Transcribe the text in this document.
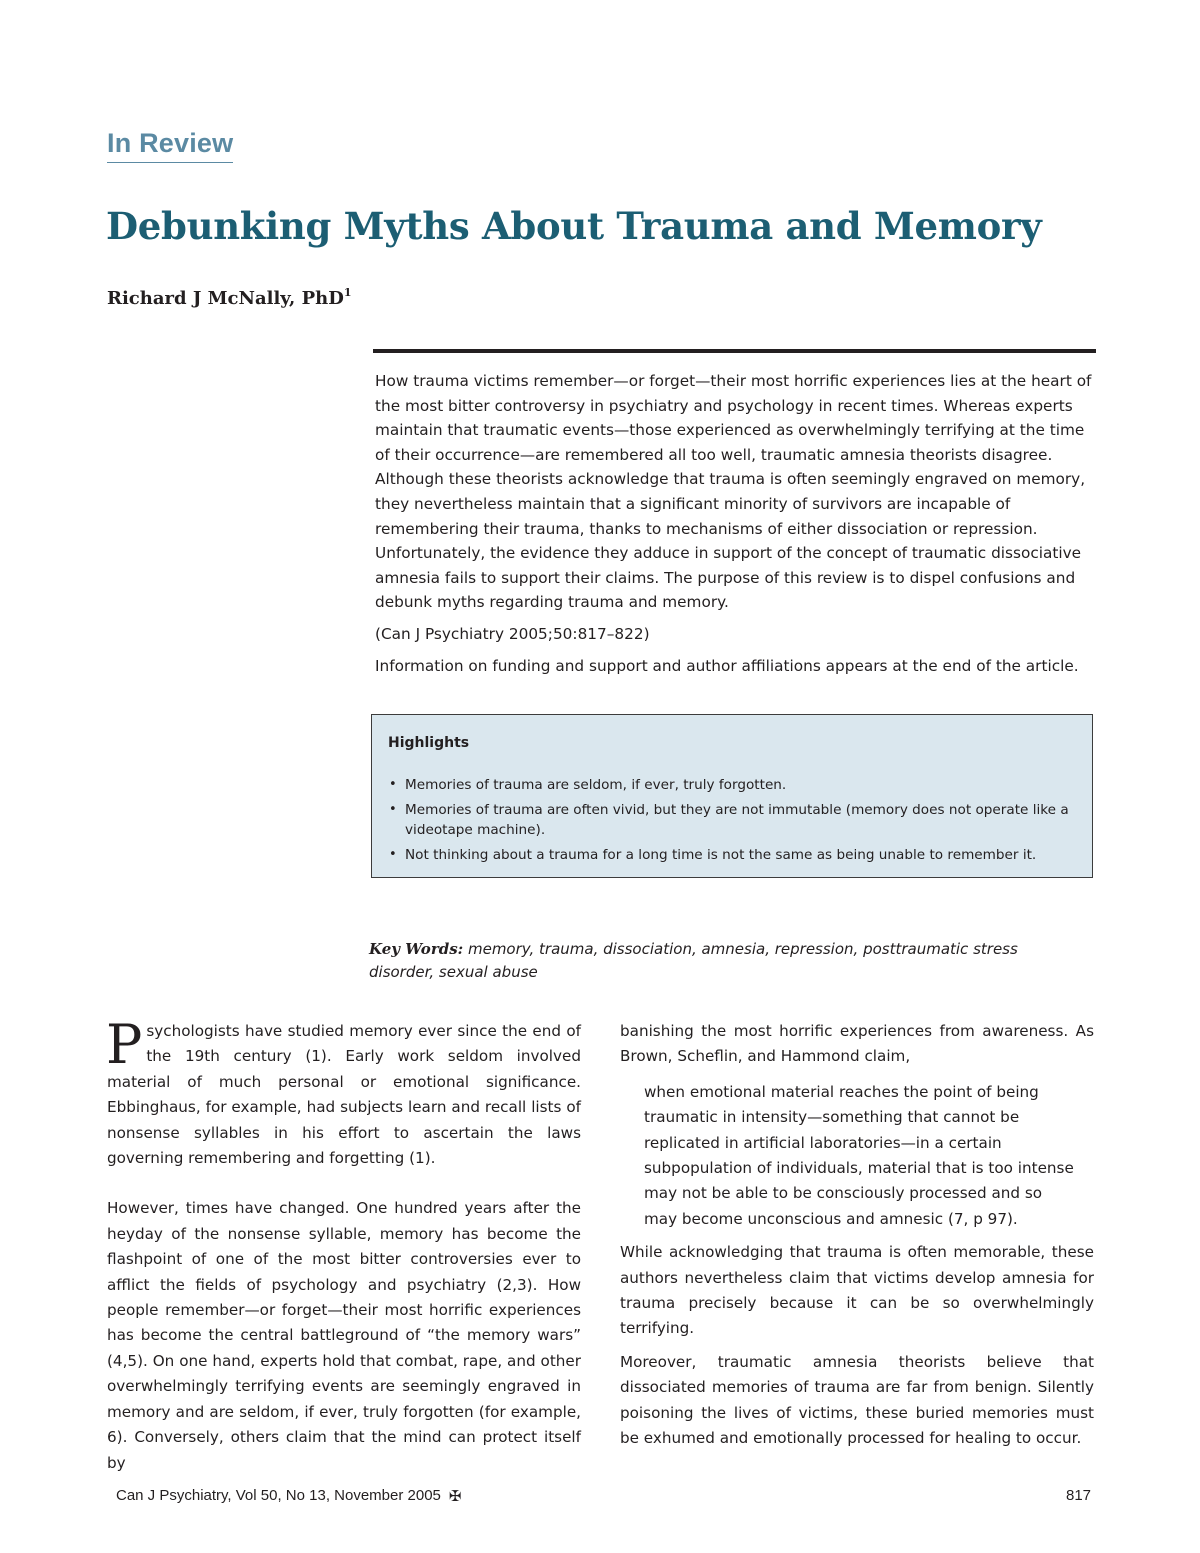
In Review
Debunking Myths About Trauma and Memory
Richard J McNally, PhD$^1$

How trauma victims remember—or forget—their most horrific experiences lies at the heart of the most bitter controversy in psychiatry and psychology in recent times. Whereas experts maintain that traumatic events—those experienced as overwhelmingly terrifying at the time of their occurrence—are remembered all too well, traumatic amnesia theorists disagree. Although these theorists acknowledge that trauma is often seemingly engraved on memory, they nevertheless maintain that a significant minority of survivors are incapable of remembering their trauma, thanks to mechanisms of either dissociation or repression. Unfortunately, the evidence they adduce in support of the concept of traumatic dissociative amnesia fails to support their claims. The purpose of this review is to dispel confusions and debunk myths regarding trauma and memory.

(Can J Psychiatry 2005;50:817–822)

Information on funding and support and author affiliations appears at the end of the article.

Highlights
• Memories of trauma are seldom, if ever, truly forgotten.
• Memories of trauma are often vivid, but they are not immutable (memory does not operate like a videotape machine).
• Not thinking about a trauma for a long time is not the same as being unable to remember it.
Key Words: memory, trauma, dissociation, amnesia, repression, posttraumatic stress disorder, sexual abuse

Psychologists have studied memory ever since the end of the 19th century (1). Early work seldom involved material of much personal or emotional significance. Ebbinghaus, for example, had subjects learn and recall lists of nonsense syllables in his effort to ascertain the laws governing remembering and forgetting (1).

However, times have changed. One hundred years after the heyday of the nonsense syllable, memory has become the flashpoint of one of the most bitter controversies ever to afflict the fields of psychology and psychiatry (2,3). How people remember—or forget—their most horrific experiences has become the central battleground of “the memory wars” (4,5). On one hand, experts hold that combat, rape, and other overwhelmingly terrifying events are seemingly engraved in memory and are seldom, if ever, truly forgotten (for example, 6). Conversely, others claim that the mind can protect itself by

banishing the most horrific experiences from awareness. As Brown, Scheflin, and Hammond claim,

when emotional material reaches the point of being traumatic in intensity—something that cannot be replicated in artificial laboratories—in a certain subpopulation of individuals, material that is too intense may not be able to be consciously processed and so may become unconscious and amnesic (7, p 97).

While acknowledging that trauma is often memorable, these authors nevertheless claim that victims develop amnesia for trauma precisely because it can be so overwhelmingly terrifying.

Moreover, traumatic amnesia theorists believe that dissociated memories of trauma are far from benign. Silently poisoning the lives of victims, these buried memories must be exhumed and emotionally processed for healing to occur.

Can J Psychiatry, Vol 50, No 13, November 2005 ✠	817
